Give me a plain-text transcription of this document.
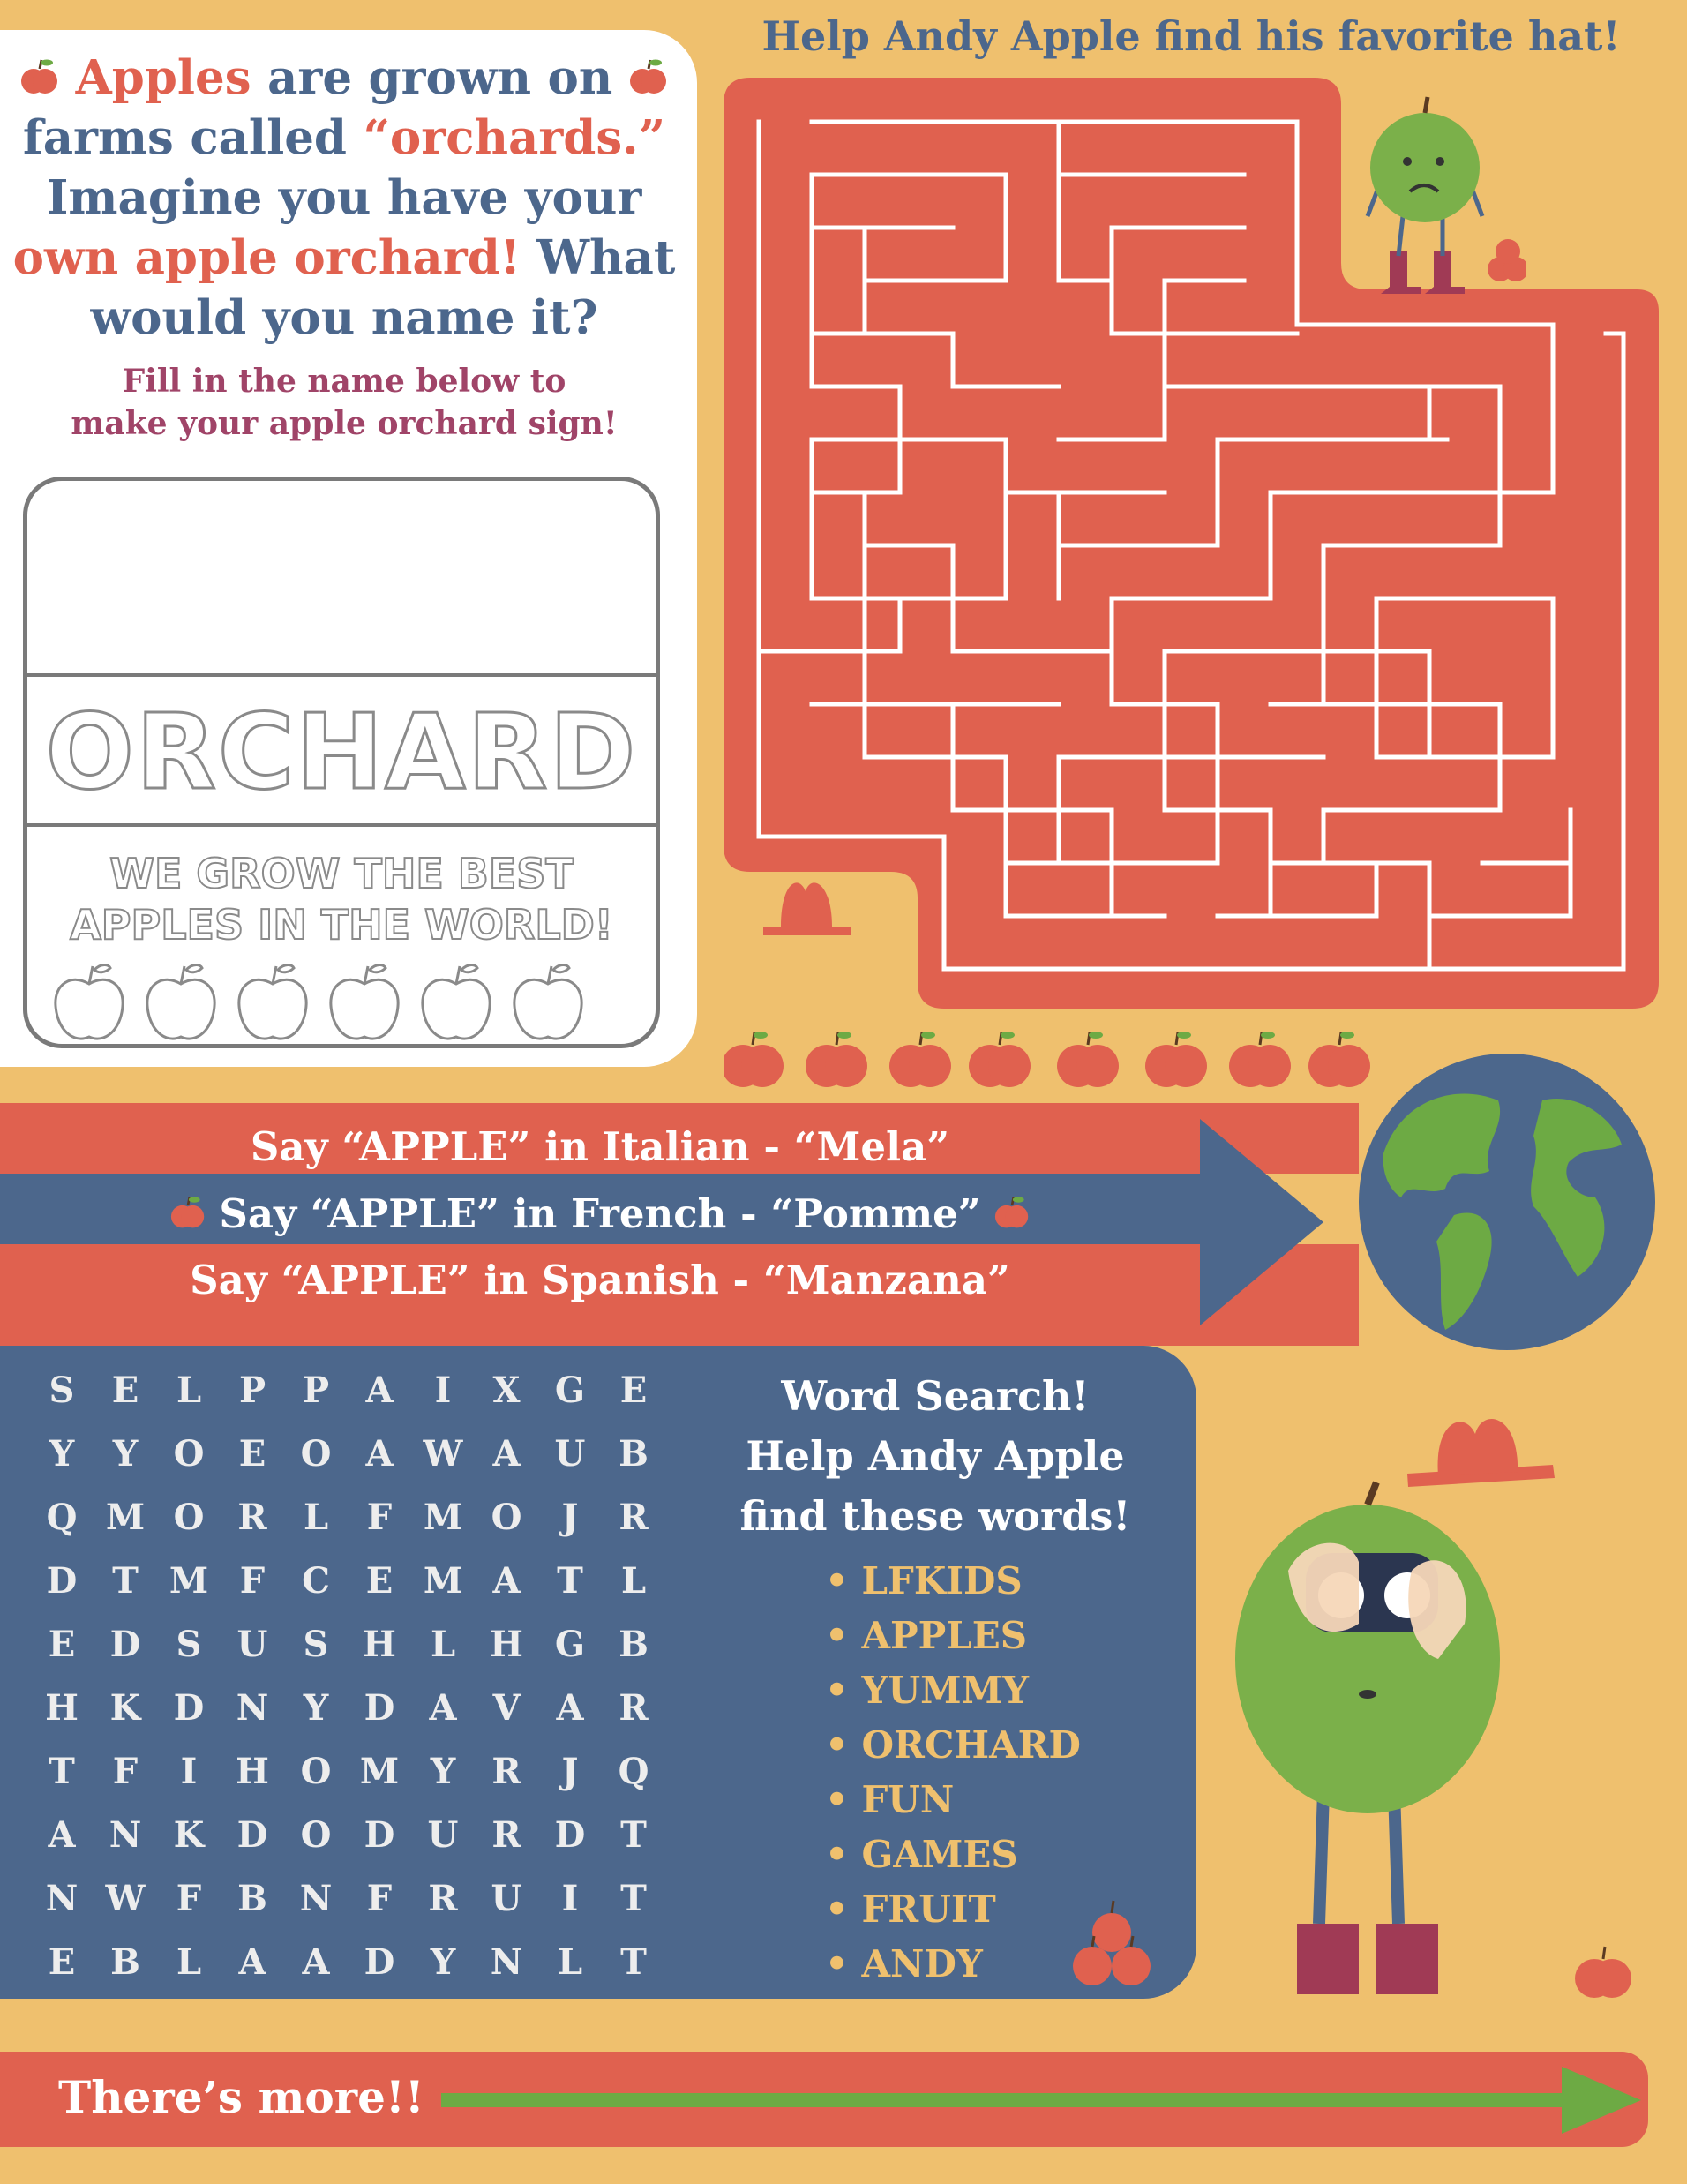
Apples are grown on
farms called “orchards.”
Imagine you have your
own apple orchard! What
would you name it?
Fill in the name below to
make your apple orchard sign!
ORCHARD
WE GROW THE BEST
APPLES IN THE WORLD!
Help Andy Apple find his favorite hat!
Say “APPLE” in Italian - “Mela”
Say “APPLE” in French - “Pomme”
Say “APPLE” in Spanish - “Manzana”
S	E	L	P	P	A	I	X G E
Y	Y	O E O A W A U B
Q M O R	L	F M O	J	R
D T M F	C	E M A	T	L
E D	S	U	S H L H G B
H K D N Y	D A	V	A R
T	F	I	H O M Y	R	J	Q
A N K D O D U R D T
N W F	B N F	R U	I	T
E B	L	A	A D	Y N L	T
Word Search!
Help Andy Apple
find these words!
• LFKIDS
• APPLES
• YUMMY
• ORCHARD
• FUN
• GAMES
• FRUIT
• ANDY
There’s more!!
